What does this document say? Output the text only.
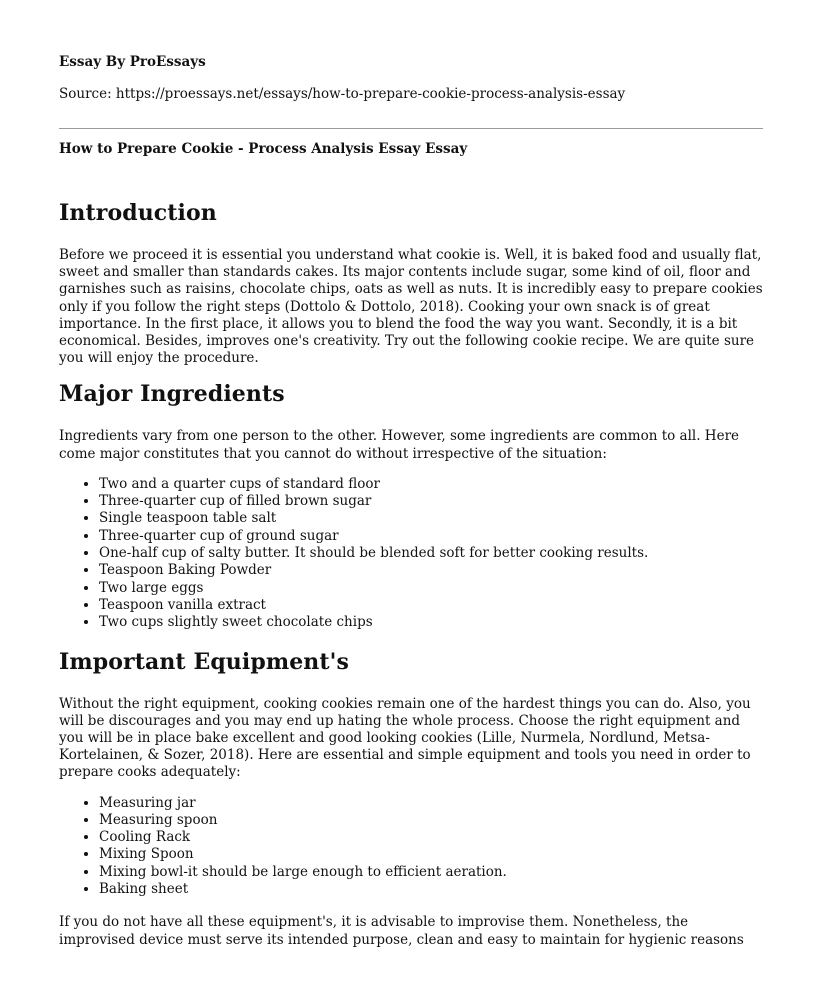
Essay By ProEssays

Source: https://proessays.net/essays/how-to-prepare-cookie-process-analysis-essay

How to Prepare Cookie - Process Analysis Essay Essay

Introduction

Before we proceed it is essential you understand what cookie is. Well, it is baked food and usually flat, sweet and smaller than standards cakes. Its major contents include sugar, some kind of oil, floor and garnishes such as raisins, chocolate chips, oats as well as nuts. It is incredibly easy to prepare cookies only if you follow the right steps (Dottolo & Dottolo, 2018). Cooking your own snack is of great importance. In the first place, it allows you to blend the food the way you want. Secondly, it is a bit economical. Besides, improves one's creativity. Try out the following cookie recipe. We are quite sure you will enjoy the procedure.

Major Ingredients

Ingredients vary from one person to the other. However, some ingredients are common to all. Here come major constitutes that you cannot do without irrespective of the situation:

• Two and a quarter cups of standard floor
• Three-quarter cup of filled brown sugar
• Single teaspoon table salt
• Three-quarter cup of ground sugar
• One-half cup of salty butter. It should be blended soft for better cooking results.
• Teaspoon Baking Powder
• Two large eggs
• Teaspoon vanilla extract
• Two cups slightly sweet chocolate chips
Important Equipment's

Without the right equipment, cooking cookies remain one of the hardest things you can do. Also, you will be discourages and you may end up hating the whole process. Choose the right equipment and you will be in place bake excellent and good looking cookies (Lille, Nurmela, Nordlund, Metsa-Kortelainen, & Sozer, 2018). Here are essential and simple equipment and tools you need in order to prepare cooks adequately:

• Measuring jar
• Measuring spoon
• Cooling Rack
• Mixing Spoon
• Mixing bowl-it should be large enough to efficient aeration.
• Baking sheet

If you do not have all these equipment's, it is advisable to improvise them. Nonetheless, the improvised device must serve its intended purpose, clean and easy to maintain for hygienic reasons
